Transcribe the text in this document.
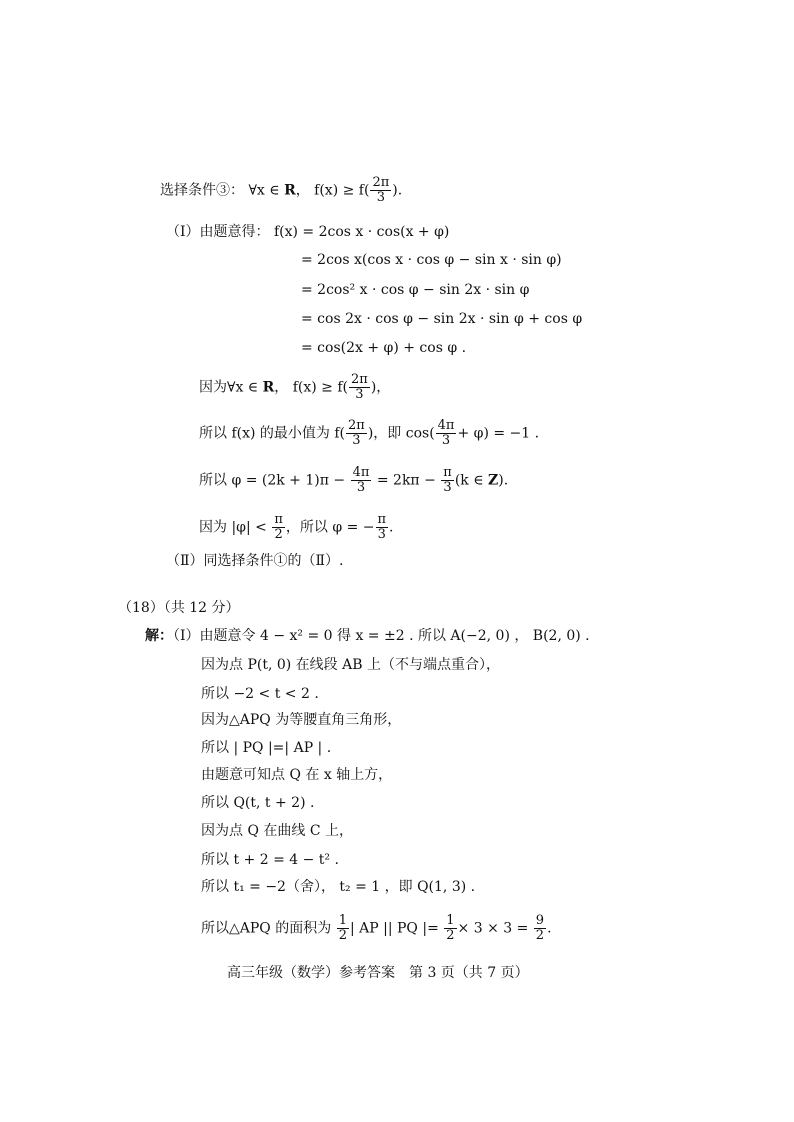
选择条件③： ∀x ∈ R， $f(x) \ge f( \frac{2\pi}{3}$ ).
（Ⅰ）由题意得： f(x) = 2cos x · cos(x + φ)
= 2cos x(cos x · cos φ − sin x · sin φ)
= 2cos² x · cos φ − sin 2x · sin φ
= cos 2x · cos φ − sin 2x · sin φ + cos φ
= cos(2x + φ) + cos φ .
因为∀x ∈ R， $f(x) \ge f( \frac{2\pi}{3}$ )，
所以 f(x) 的最小值为 $f( \frac{2\pi}{3}$ )，即 $\cos( \frac{4\pi}{3} + \varphi) = -1$ .
所以 $\varphi = (2k + 1)\pi - \frac{4\pi}{3} = 2k\pi - \frac{\pi}{3} (k$ ∈ Z).
因为 $|\varphi| < \frac{\pi}{2}$ ，所以 φ = − $\frac{\pi}{3}$ .
（Ⅱ）同选择条件①的（Ⅱ）.
（18）（共 12 分）
解：（Ⅰ）由题意令 4 − x² = 0 得 x = ±2 . 所以 A(−2, 0) ， B(2, 0) .
因为点 P(t, 0) 在线段 AB 上（不与端点重合），
所以 −2 < t < 2 .
因为△APQ 为等腰直角三角形，
所以 | PQ |=| AP | .
由题意可知点 Q 在 x 轴上方，
所以 Q(t, t + 2) .
因为点 Q 在曲线 C 上，
所以 t + 2 = 4 − t² .
所以 t₁ = −2（舍）， t₂ = 1 ，即 Q(1, 3) .
所以△APQ 的面积为 $\frac{1}{2}$ | AP || PQ |= $\frac{1}{2} \times 3 \times 3 = \frac{9}{2}$ .
高三年级（数学）参考答案　第 3 页（共 7 页）
